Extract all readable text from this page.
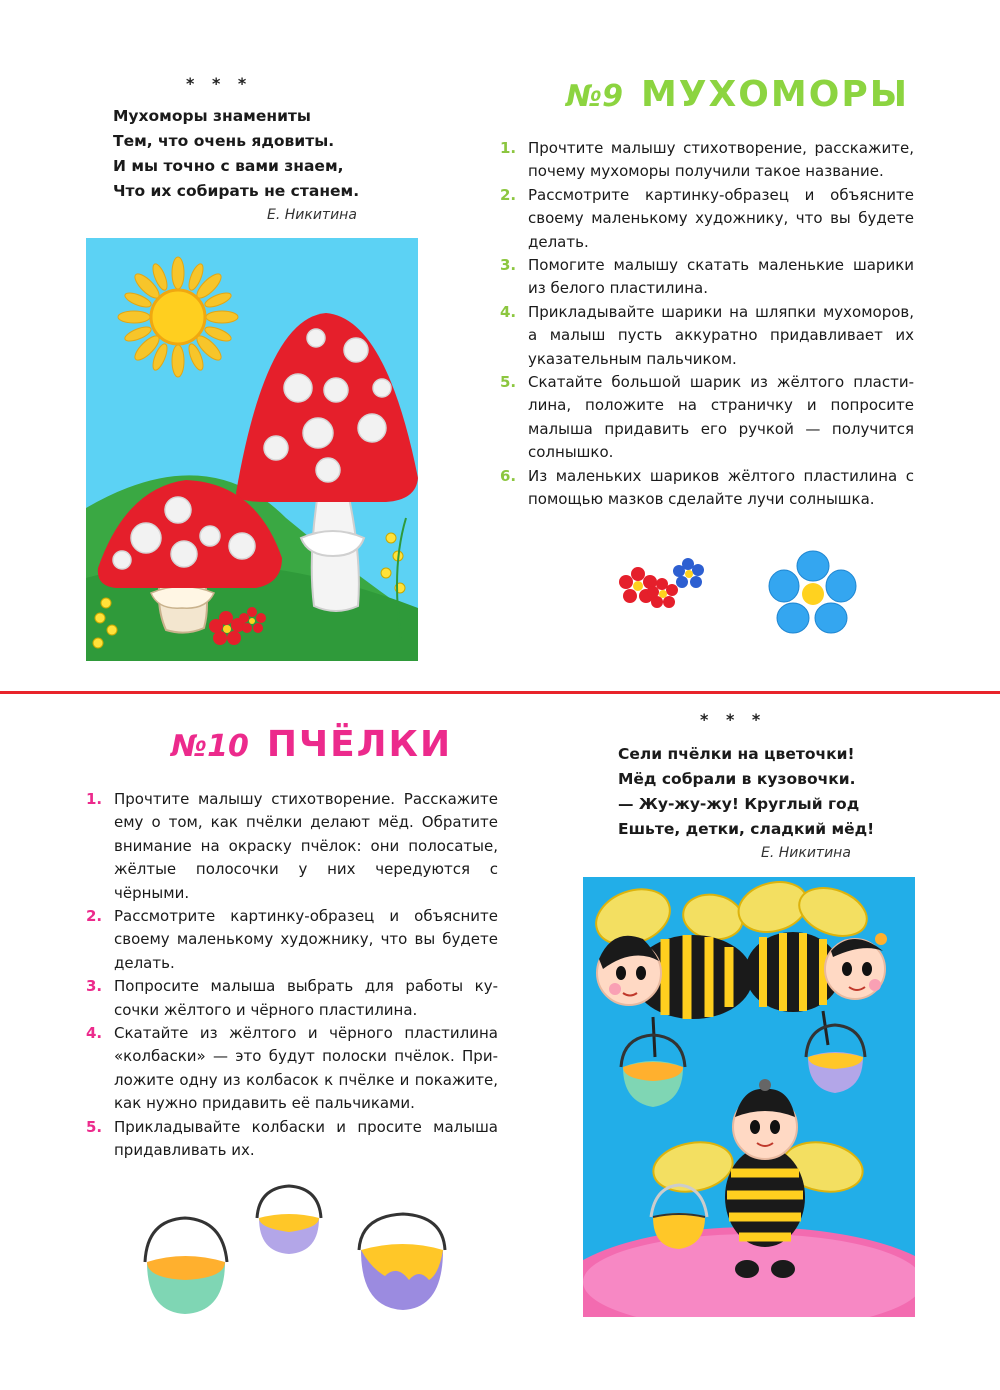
* * *
Мухоморы знамениты
Тем, что очень ядовиты.
И мы точно с вами знаем,
Что их собирать не станем.
Е. Никитина
№9 МУХОМОРЫ
1. Прочтите малышу стихотворение, расскажите, почему мухоморы получили такое название.
2. Рассмотрите картинку-образец и объясните своему маленькому художнику, что вы будете делать.
3. Помогите малышу скатать маленькие шарики из белого пластилина.
4. Прикладывайте шарики на шляпки мухоморов, а малыш пусть аккуратно придавливает их указательным пальчиком.
5. Скатайте большой шарик из жёлтого пластилина, положите на страничку и попросите малыша придавить его ручкой — получится солнышко.
6. Из маленьких шариков жёлтого пластилина с помощью мазков сделайте лучи солнышка.
№10 ПЧЁЛКИ
1. Прочтите малышу стихотворение. Расскажите ему о том, как пчёлки делают мёд. Обратите внимание на окраску пчёлок: они полосатые, жёлтые полосочки у них чередуются с чёрными.
2. Рассмотрите картинку-образец и объясните своему маленькому художнику, что вы будете делать.
3. Попросите малыша выбрать для работы кусочки жёлтого и чёрного пластилина.
4. Скатайте из жёлтого и чёрного пластилина «колбаски» — это будут полоски пчёлок. Приложите одну из колбасок к пчёлке и покажите, как нужно придавить её пальчиками.
5. Прикладывайте колбаски и просите малыша придавливать их.
* * *
Сели пчёлки на цветочки!
Мёд собрали в кузовочки.
— Жу-жу-жу! Круглый год
Ешьте, детки, сладкий мёд!
Е. Никитина
